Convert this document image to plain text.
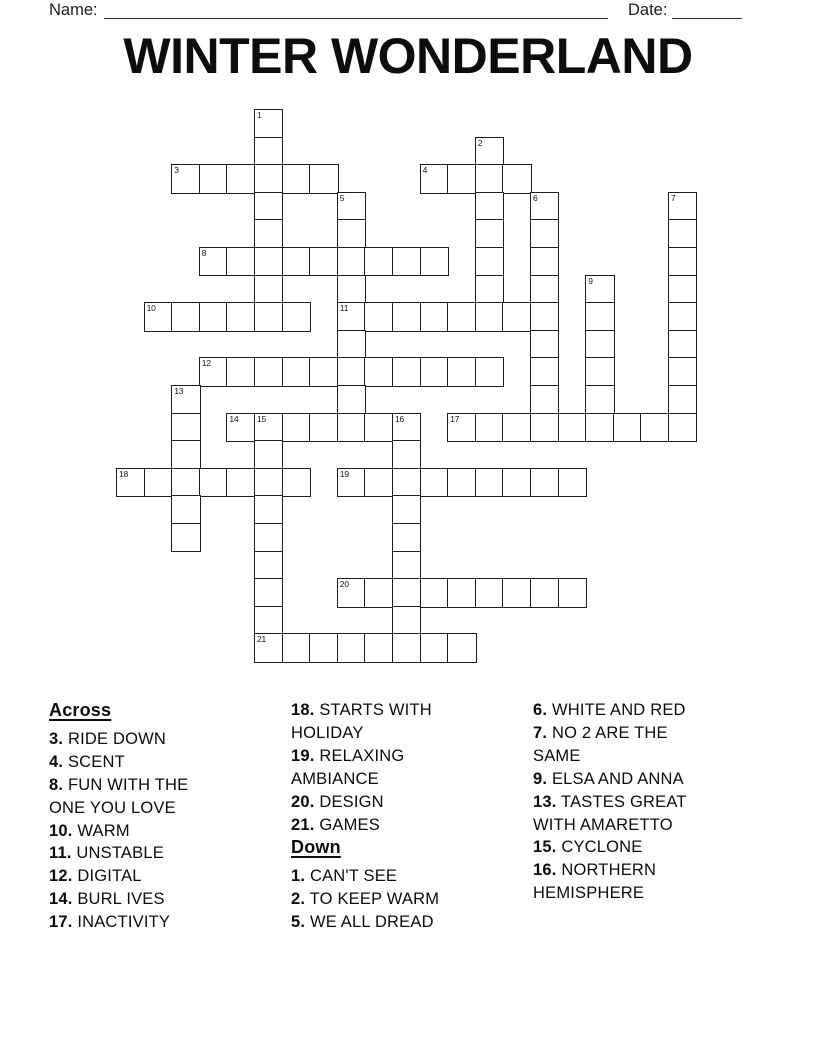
Name:	Date:
WINTER WONDERLAND
1
2
3	4
5	6	7
8
9
10	11
12
13
14 15	16	17
18	19
20
21

Across

3. RIDE DOWN

4. SCENT

8. FUN WITH THE ONE YOU LOVE

10. WARM

11. UNSTABLE

12. DIGITAL

14. BURL IVES

17. INACTIVITY

18. STARTS WITH HOLIDAY

19. RELAXING AMBIANCE

20. DESIGN

21. GAMES

Down

1. CAN'T SEE

2. TO KEEP WARM

5. WE ALL DREAD

6. WHITE AND RED

7. NO 2 ARE THE SAME

9. ELSA AND ANNA

13. TASTES GREAT WITH AMARETTO

15. CYCLONE

16. NORTHERN HEMISPHERE
